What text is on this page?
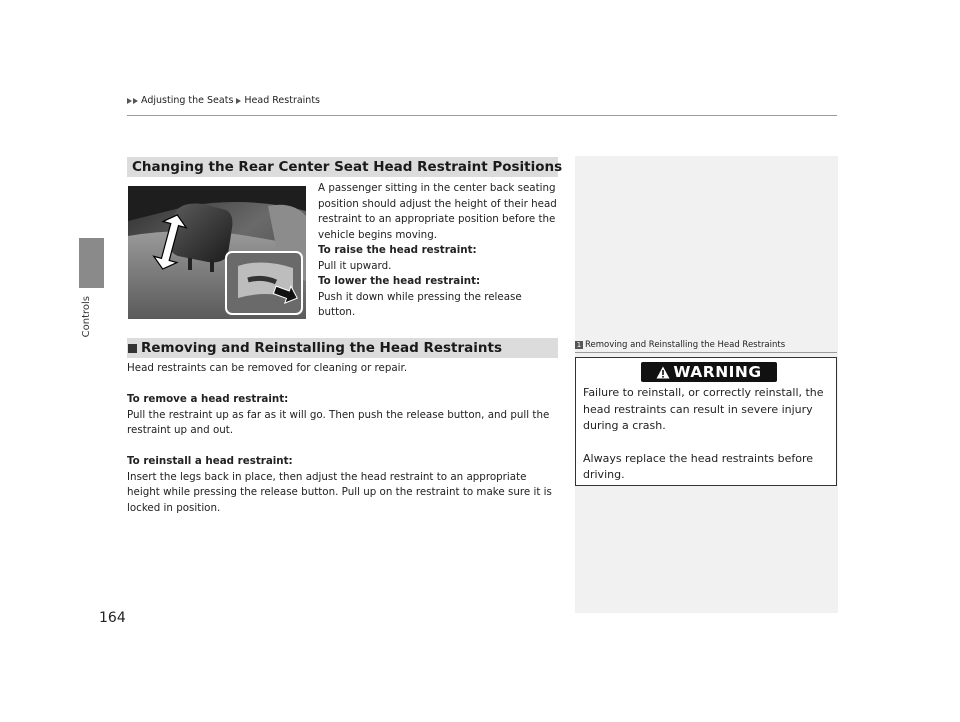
Adjusting the Seats Head Restraints
Controls
164
Changing the Rear Center Seat Head Restraint Positions
A passenger sitting in the center back seating position should adjust the height of their head restraint to an appropriate position before the vehicle begins moving.
To raise the head restraint:
Pull it upward.
To lower the head restraint:
Push it down while pressing the release button.
Removing and Reinstalling the Head Restraints

Head restraints can be removed for cleaning or repair.

To remove a head restraint:
Pull the restraint up as far as it will go. Then push the release button, and pull the restraint up and out.
To reinstall a head restraint:
Insert the legs back in place, then adjust the head restraint to an appropriate height while pressing the release button. Pull up on the restraint to make sure it is locked in position.
1 Removing and Reinstalling the Head Restraints
WARNING

Failure to reinstall, or correctly reinstall, the head restraints can result in severe injury during a crash.

Always replace the head restraints before driving.
